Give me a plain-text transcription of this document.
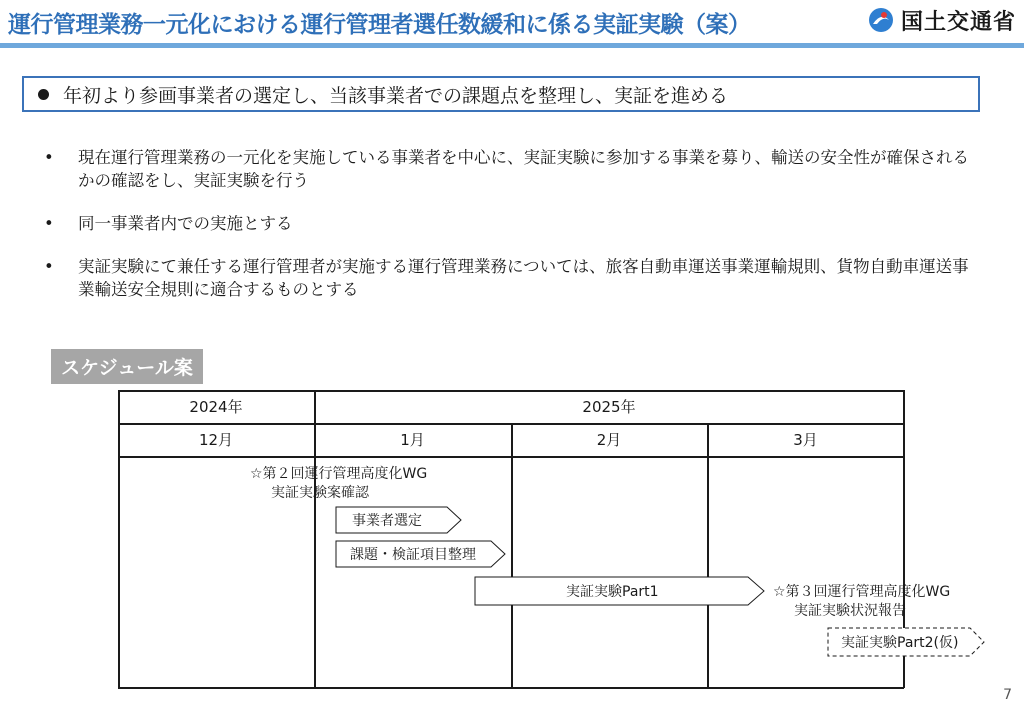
運行管理業務一元化における運行管理者選任数緩和に係る実証実験（案）	国土交通省
年初より参画事業者の選定し、当該事業者での課題点を整理し、実証を進める
•	現在運行管理業務の一元化を実施している事業者を中心に、実証実験に参加する事業を募り、輸送の安全性が確保されるかの確認をし、実証実験を行う
•	同一事業者内での実施とする
•	実証実験にて兼任する運行管理者が実施する運行管理業務については、旅客自動車運送事業運輸規則、貨物自動車運送事業輸送安全規則に適合するものとする
スケジュール案
2024年	2025年
12月	1月	2月	3月
☆第２回運行管理高度化WG
実証実験案確認
事業者選定
課題・検証項目整理
実証実験Part1	☆第３回運行管理高度化WG
実証実験状況報告
実証実験Part2(仮)
7
